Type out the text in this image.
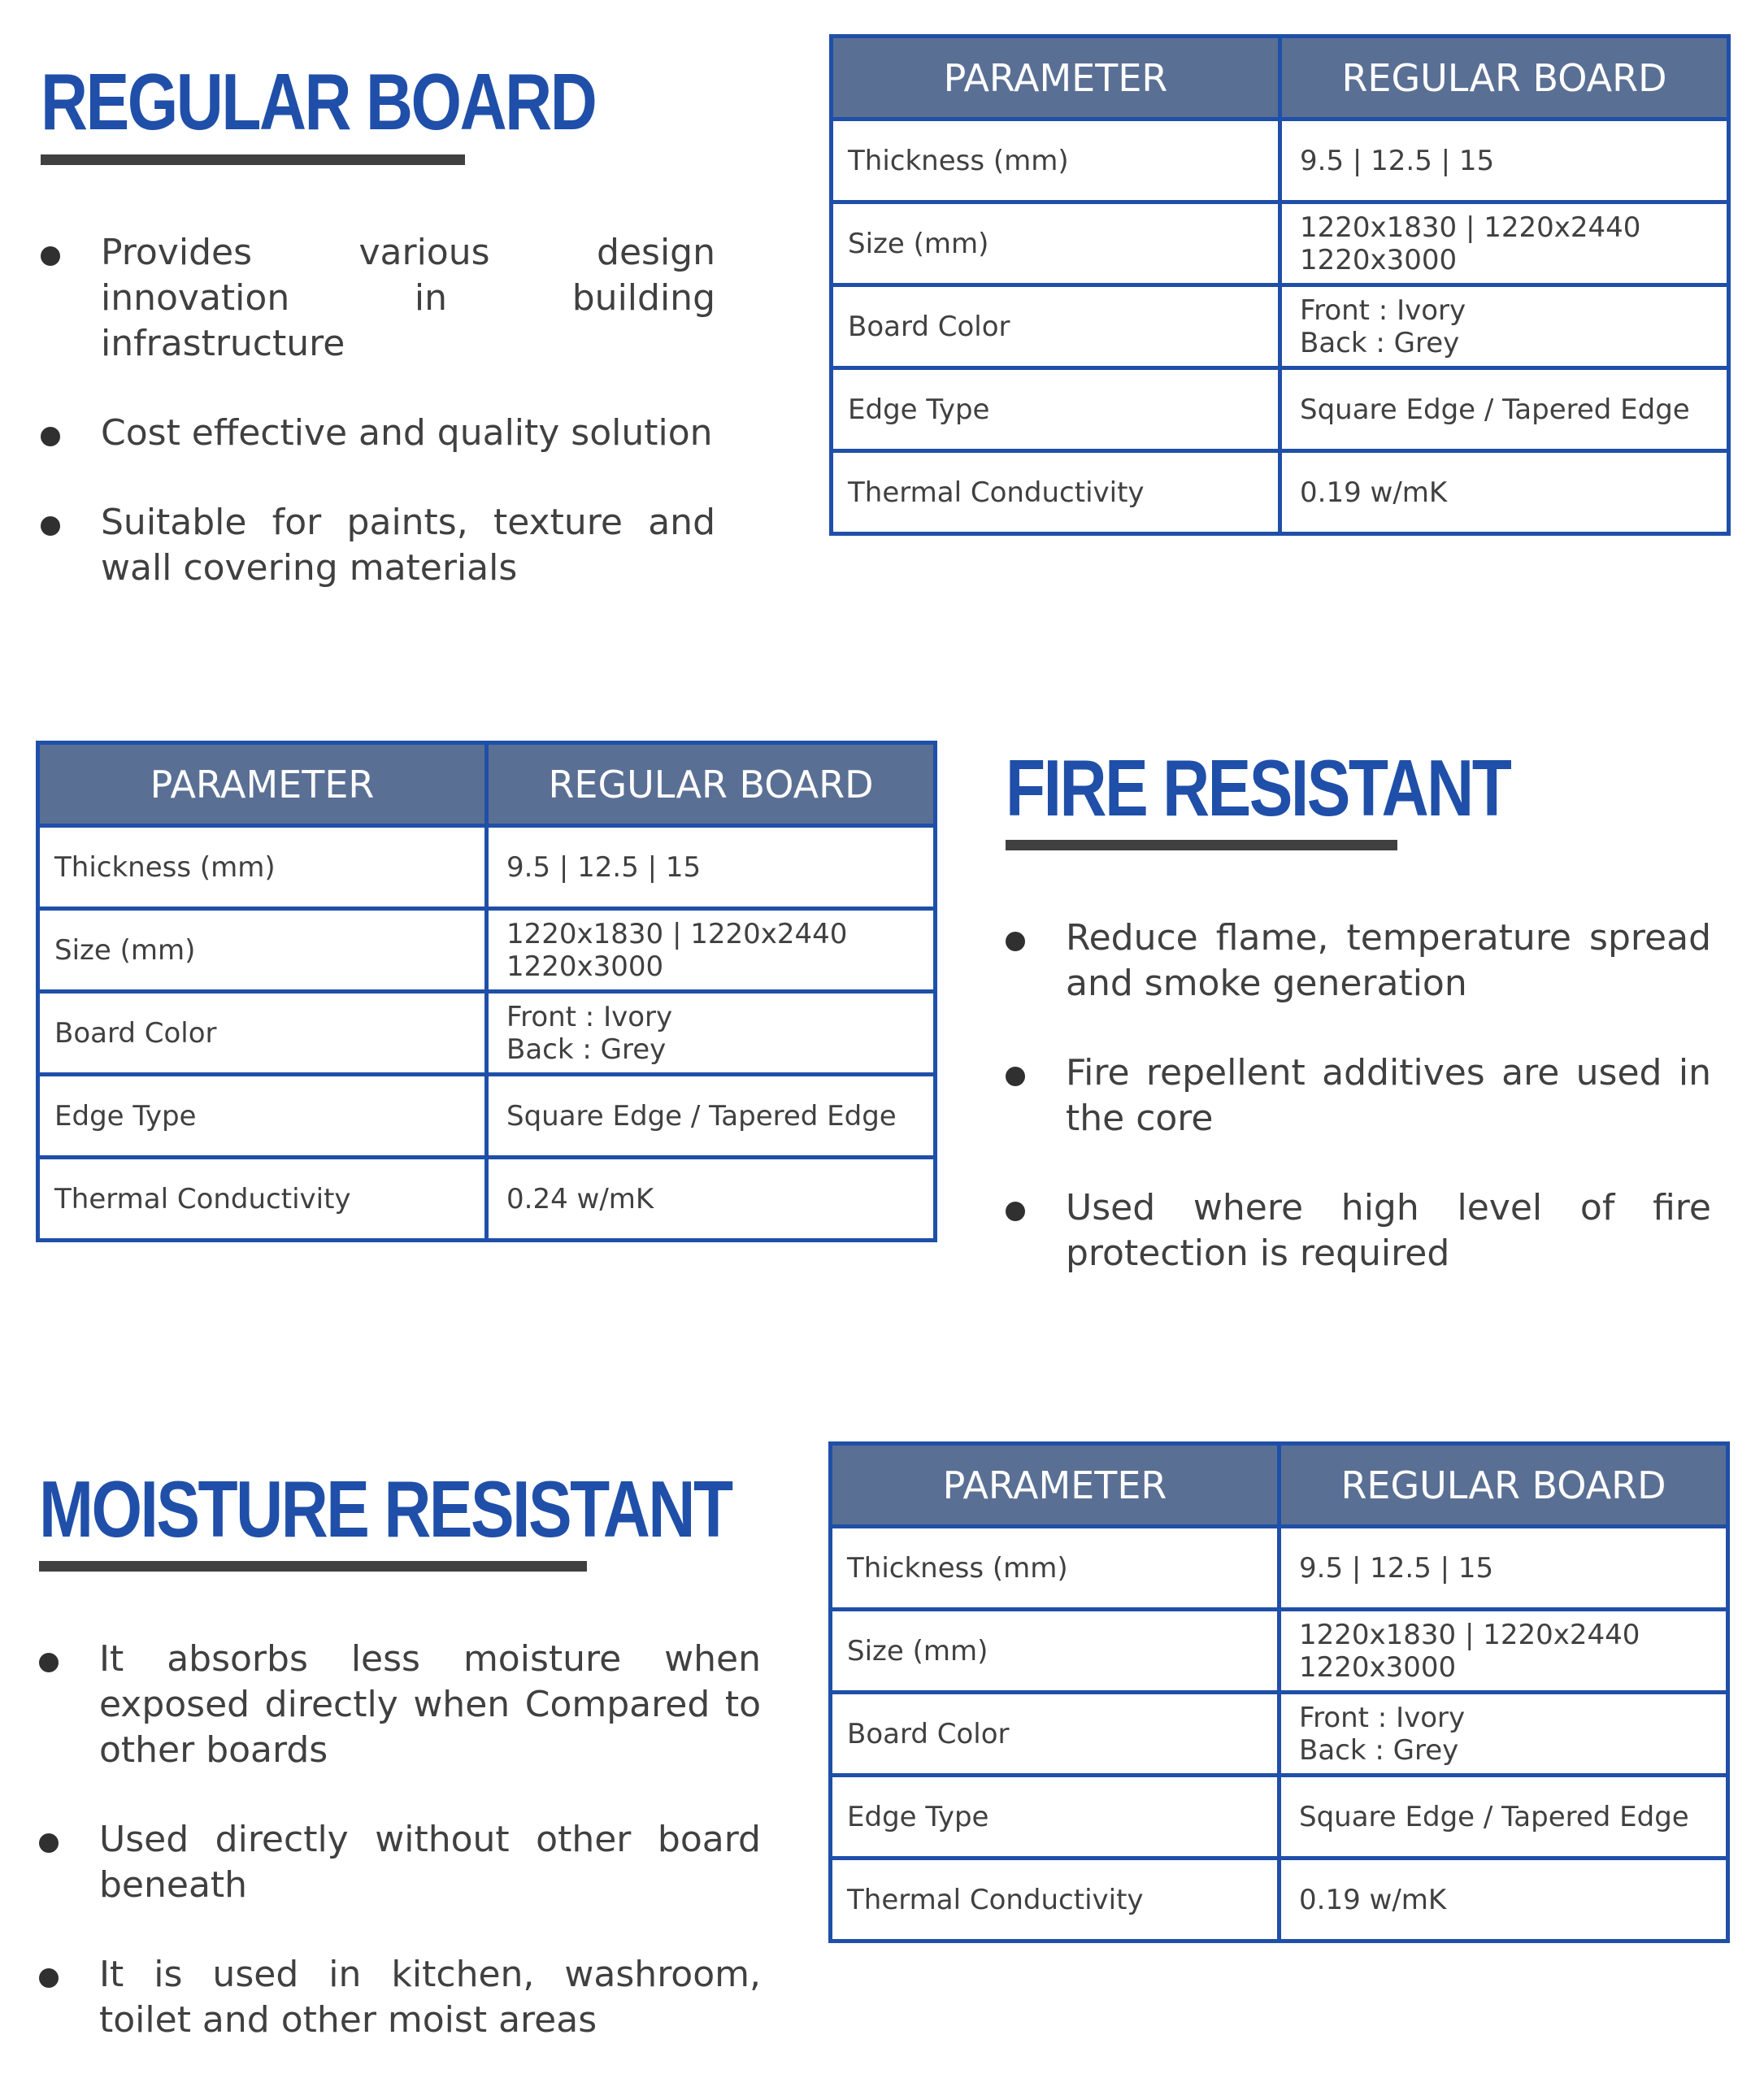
REGULAR BOARD
Provides various design innovation in building infrastructure
Cost effective and quality solution
Suitable for paints, texture and wall covering materials
PARAMETER	REGULAR BOARD
Thickness (mm)	9.5 | 12.5 | 15
Size (mm)	1220x1830 | 1220x2440
1220x3000
Board Color	Front : Ivory
Back : Grey
Edge Type	Square Edge / Tapered Edge
Thermal Conductivity	0.19 w/mK
PARAMETER	REGULAR BOARD
Thickness (mm)	9.5 | 12.5 | 15
Size (mm)	1220x1830 | 1220x2440
1220x3000
Board Color	Front : Ivory
Back : Grey
Edge Type	Square Edge / Tapered Edge
Thermal Conductivity	0.24 w/mK
FIRE RESISTANT
Reduce flame, temperature spread and smoke generation
Fire repellent additives are used in the core
Used where high level of fire protection is required
MOISTURE RESISTANT
It absorbs less moisture when exposed directly when Compared to other boards
Used directly without other board beneath
It is used in kitchen, washroom, toilet and other moist areas
PARAMETER	REGULAR BOARD
Thickness (mm)	9.5 | 12.5 | 15
Size (mm)	1220x1830 | 1220x2440
1220x3000
Board Color	Front : Ivory
Back : Grey
Edge Type	Square Edge / Tapered Edge
Thermal Conductivity	0.19 w/mK
